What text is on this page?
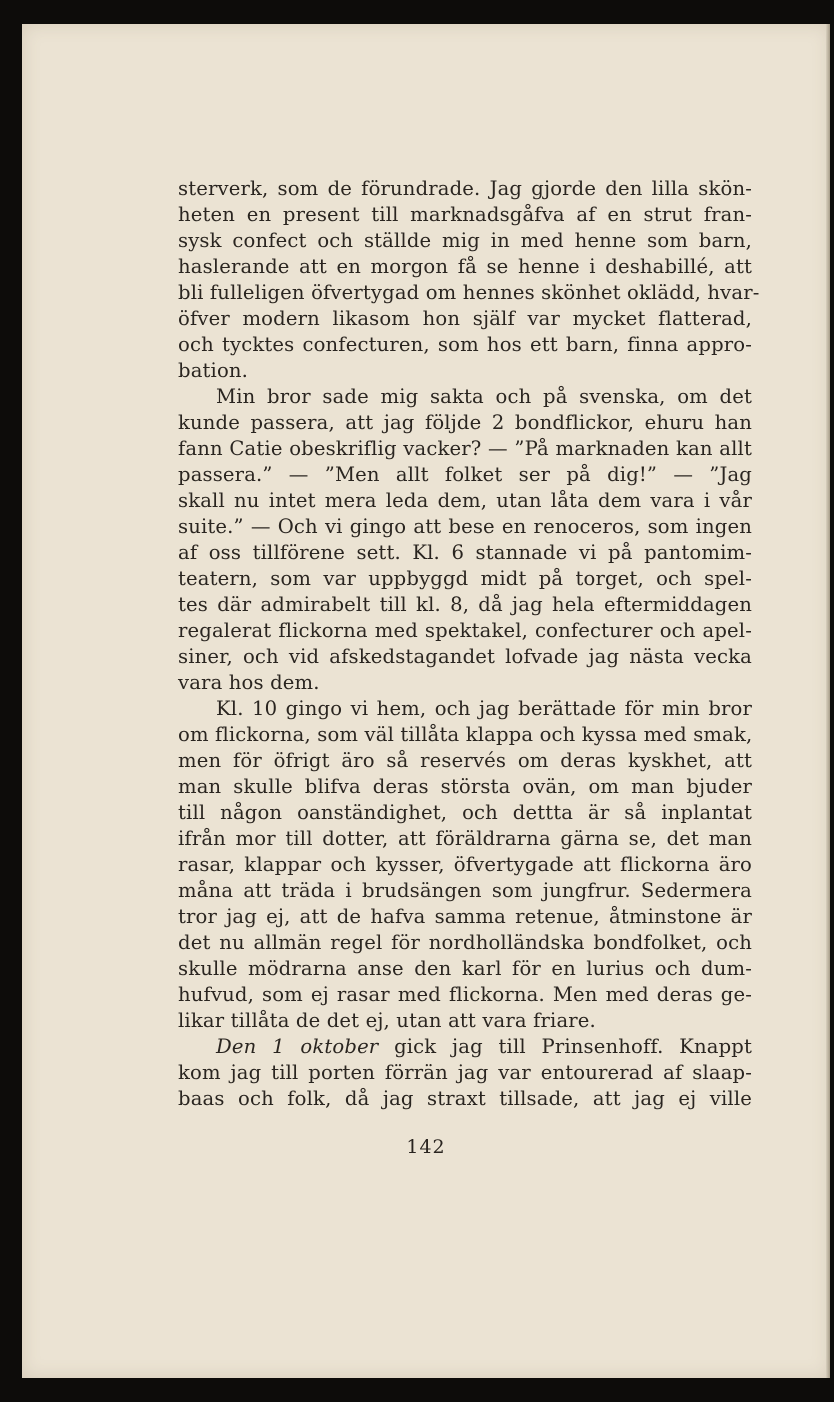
sterverk, som de förundrade. Jag gjorde den lilla skön-
heten en present till marknadsgåfva af en strut fran-
sysk confect och ställde mig in med henne som barn,
haslerande att en morgon få se henne i deshabillé, att
bli fulleligen öfvertygad om hennes skönhet oklädd, hvar-
öfver modern likasom hon själf var mycket flatterad,
och tycktes confecturen, som hos ett barn, finna appro-
bation.
Min bror sade mig sakta och på svenska, om det
kunde passera, att jag följde 2 bondflickor, ehuru han
fann Catie obeskriflig vacker? — ”På marknaden kan allt
passera.” — ”Men allt folket ser på dig!” — ”Jag
skall nu intet mera leda dem, utan låta dem vara i vår
suite.” — Och vi gingo att bese en renoceros, som ingen
af oss tillförene sett. Kl. 6 stannade vi på pantomim-
teatern, som var uppbyggd midt på torget, och spel-
tes där admirabelt till kl. 8, då jag hela eftermiddagen
regalerat flickorna med spektakel, confecturer och apel-
siner, och vid afskedstagandet lofvade jag nästa vecka
vara hos dem.
Kl. 10 gingo vi hem, och jag berättade för min bror
om flickorna, som väl tillåta klappa och kyssa med smak,
men för öfrigt äro så reservés om deras kyskhet, att
man skulle blifva deras största ovän, om man bjuder
till någon oanständighet, och dettta är så inplantat
ifrån mor till dotter, att föräldrarna gärna se, det man
rasar, klappar och kysser, öfvertygade att flickorna äro
måna att träda i brudsängen som jungfrur. Sedermera
tror jag ej, att de hafva samma retenue, åtminstone är
det nu allmän regel för nordholländska bondfolket, och
skulle mödrarna anse den karl för en lurius och dum-
hufvud, som ej rasar med flickorna. Men med deras ge-
likar tillåta de det ej, utan att vara friare.
Den 1 oktober gick jag till Prinsenhoff. Knappt
kom jag till porten förrän jag var entourerad af slaap-
baas och folk, då jag straxt tillsade, att jag ej ville
142
